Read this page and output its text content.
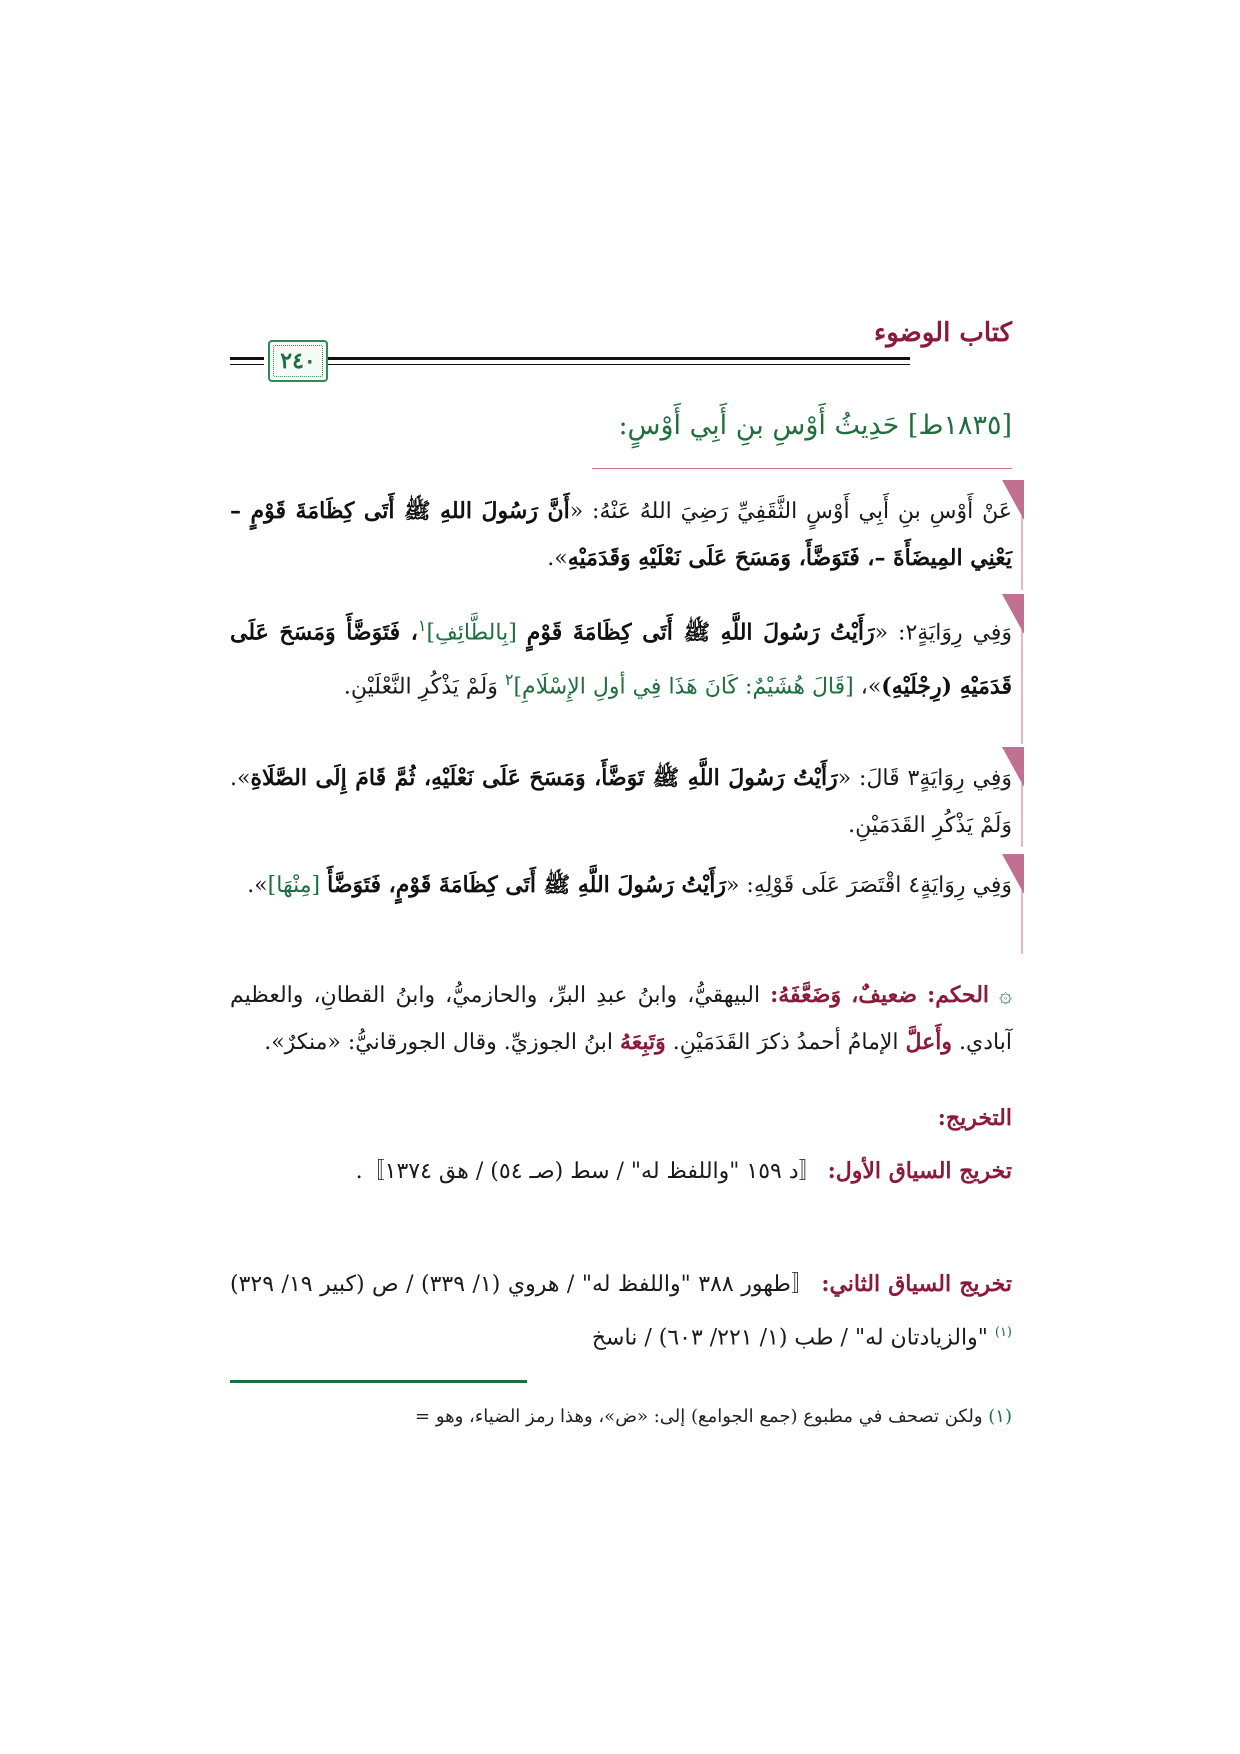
كتاب الوضوء
٢٤٠
[١٨٣٥ط] حَدِيثُ أَوْسِ بنِ أَبِي أَوْسٍ:
عَنْ أَوْسِ بنِ أَبِي أَوْسٍ الثَّقَفِيِّ رَضِيَ اللهُ عَنْهُ: «أَنَّ رَسُولَ اللهِ ﷺ أَتَى كِظَامَةَ قَوْمٍ – يَعْنِي المِيضَأَةَ –، فَتَوَضَّأَ، وَمَسَحَ عَلَى نَعْلَيْهِ وَقَدَمَيْهِ».
وَفِي رِوَايَةٍ٢: «رَأَيْتُ رَسُولَ اللَّهِ ﷺ أَتَى كِظَامَةَ قَوْمٍ [بِالطَّائِفِ]$^١$، فَتَوَضَّأَ وَمَسَحَ عَلَى قَدَمَيْهِ (رِجْلَيْهِ)»، [قَالَ هُشَيْمٌ: كَانَ هَذَا فِي أولِ الإِسْلَامِ]$^٢$ وَلَمْ يَذْكُرِ النَّعْلَيْنِ.
وَفِي رِوَايَةٍ٣ قَالَ: «رَأَيْتُ رَسُولَ اللَّهِ ﷺ تَوَضَّأَ، وَمَسَحَ عَلَى نَعْلَيْهِ، ثُمَّ قَامَ إِلَى الصَّلَاةِ». وَلَمْ يَذْكُرِ القَدَمَيْنِ.
وَفِي رِوَايَةٍ٤ اقْتَصَرَ عَلَى قَوْلِهِ: «رَأَيْتُ رَسُولَ اللَّهِ ﷺ أَتَى كِظَامَةَ قَوْمٍ، فَتَوَضَّأَ [مِنْهَا]».
۞ الحكم: ضعيفٌ، وَضَعَّفَهُ: البيهقيُّ، وابنُ عبدِ البرِّ، والحازميُّ، وابنُ القطانِ، والعظيم آبادي. وأَعلَّ الإمامُ أحمدُ ذكرَ القَدَمَيْنِ. وَتَبِعَهُ ابنُ الجوزيِّ. وقال الجورقانيُّ: «منكرٌ».
التخريج:
تخريج السياق الأول: 〚د ١٥٩ "واللفظ له" / سط (صـ ٥٤) / هق ١٣٧٤〛.
تخريج السياق الثاني: 〚طهور ٣٨٨ "واللفظ له" / هروي (١/ ٣٣٩) / ص (كبير ١٩/ ٣٢٩)$^{(١)}$ "والزيادتان له" / طب (١/ ٢٢١/ ٦٠٣) / ناسخ
(١) ولكن تصحف في مطبوع (جمع الجوامع) إلى: «ض»، وهذا رمز الضياء، وهو =
